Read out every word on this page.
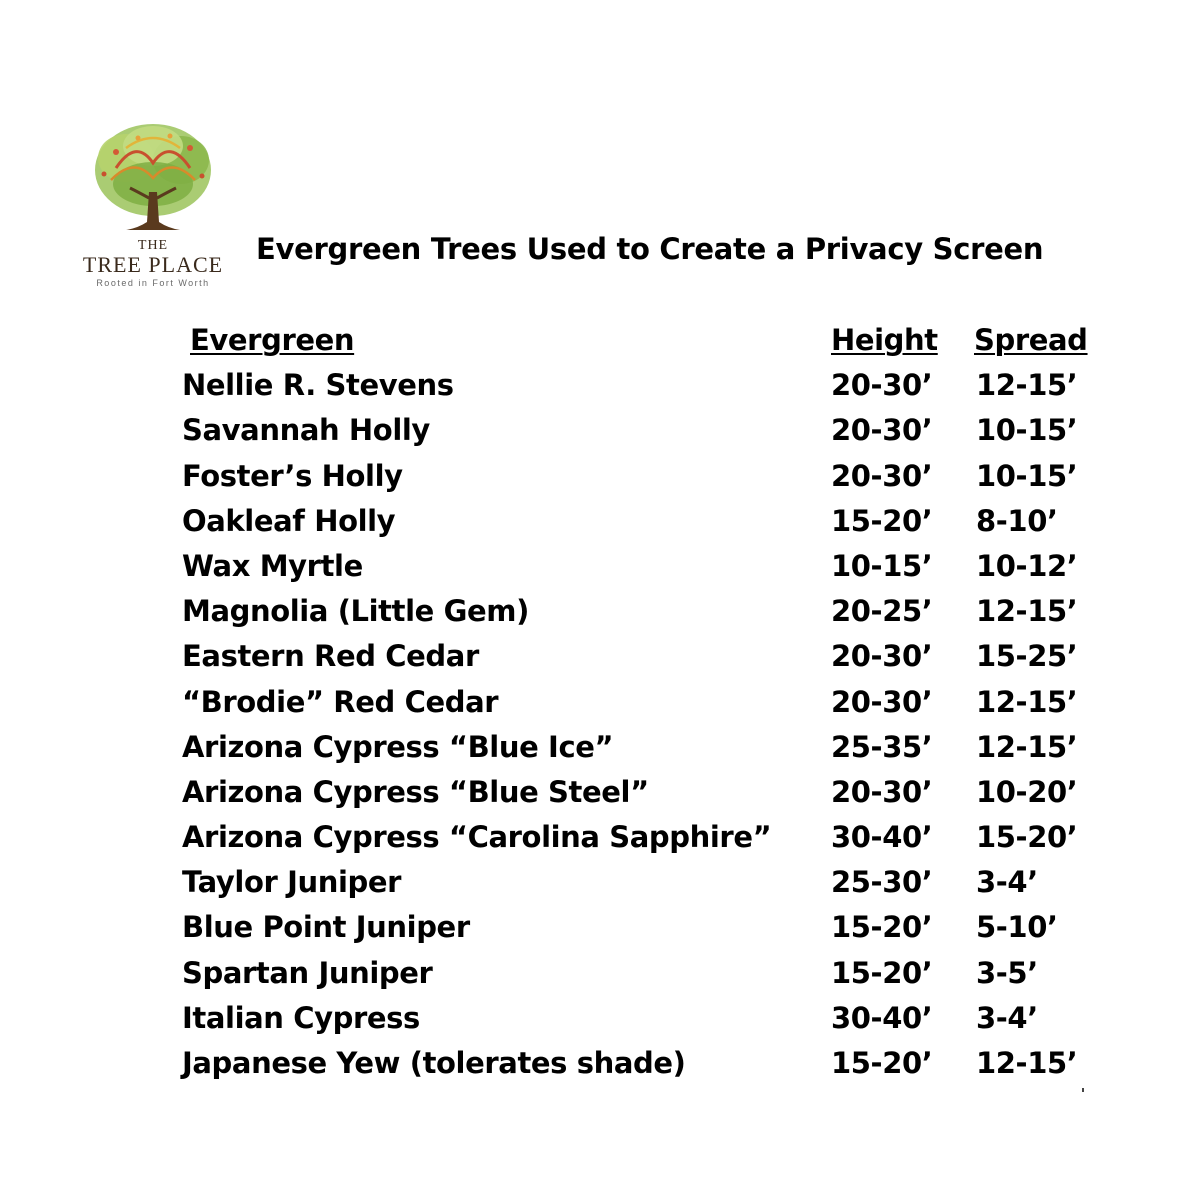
THE
TREE PLACE
Rooted in Fort Worth
Evergreen Trees Used to Create a Privacy Screen
Evergreen	Height Spread
Nellie R. Stevens	20-30’ 12-15’
Savannah Holly	20-30’ 10-15’
Foster’s Holly	20-30’ 10-15’
Oakleaf Holly	15-20’ 8-10’
Wax Myrtle	10-15’ 10-12’
Magnolia (Little Gem)	20-25’ 12-15’
Eastern Red Cedar	20-30’ 15-25’
“Brodie” Red Cedar	20-30’ 12-15’
Arizona Cypress “Blue Ice”	25-35’ 12-15’
Arizona Cypress “Blue Steel”	20-30’ 10-20’
Arizona Cypress “Carolina Sapphire” 30-40’ 15-20’
Taylor Juniper	25-30’ 3-4’
Blue Point Juniper	15-20’ 5-10’
Spartan Juniper	15-20’ 3-5’
Italian Cypress	30-40’ 3-4’
Japanese Yew (tolerates shade)	15-20’ 12-15’
